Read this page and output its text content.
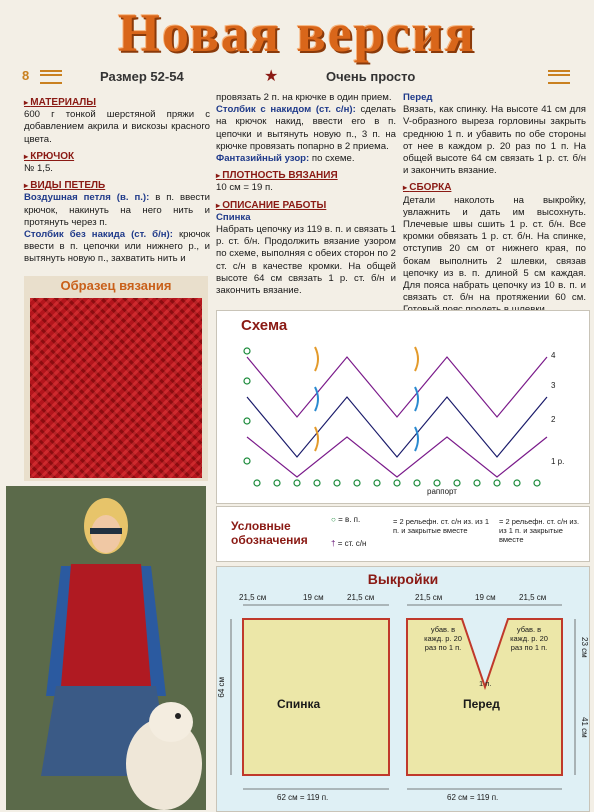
Новая версия
8	Размер 52-54	★	Очень просто
▸ МАТЕРИАЛЫ
600 г тонкой шерстяной пряжи с добавлением акрила и вискозы красного цвета.
▸ КРЮЧОК
№ 1,5.
▸ ВИДЫ ПЕТЕЛЬ
Воздушная петля (в. п.): в п. ввести крючок, накинуть на него нить и протянуть через п.
Столбик без накида (ст. б/н): крючок ввести в п. цепочки или нижнего р., и вытянуть новую п., захватить нить и
провязать 2 п. на крючке в один прием.
Столбик с накидом (ст. с/н): сделать на крючок накид, ввести его в п. цепочки и вытянуть новую п., 3 п. на крючке провязать попарно в 2 приема.
Фантазийный узор: по схеме.
▸ ПЛОТНОСТЬ ВЯЗАНИЯ
10 см = 19 п.
▸ ОПИСАНИЕ РАБОТЫ
Спинка
Набрать цепочку из 119 в. п. и связать 1 р. ст. б/н. Продолжить вязание узором по схеме, выполняя с обеих сторон по 2 ст. с/н в качестве кромки. На общей высоте 64 см связать 1 р. ст. б/н и закончить вязание.
Перед
Вязать, как спинку. На высоте 41 см для V-образного выреза горловины закрыть среднюю 1 п. и убавить по обе стороны от нее в каждом р. 20 раз по 1 п. На общей высоте 64 см связать 1 р. ст. б/н и закончить вязание.
▸ СБОРКА
Детали наколоть на выкройку, увлажнить и дать им высохнуть. Плечевые швы сшить 1 р. ст. б/н. Все кромки обвязать 1 р. ст. б/н. На спинке, отступив 20 см от нижнего края, по бокам выполнить 2 шлевки, связав цепочку из в. п. длиной 5 см каждая. Для пояса набрать цепочку из 10 в. п. и связать ст. б/н на протяжении 60 см.
Образец вязания
Схема
4
3
2
1 р.
раппорт
Условные обозначения
○ = в. п.
† = ст. с/н
= 2 рельефн. ст. с/н из. из 1 п. и закрытые вместе
= 2 рельефн. ст. с/н из. из 1 п. и закрытые вместе
Выкройки
21,5 см	19 см	21,5 см	21,5 см	19 см	21,5 см
64 см
Спинка	Перед
убав. в кажд. р. 20 раз по 1 п.
убав. в кажд. р. 20 раз по 1 п.
1 п.
23 см
41 см
62 см = 119 п.	62 см = 119 п.
